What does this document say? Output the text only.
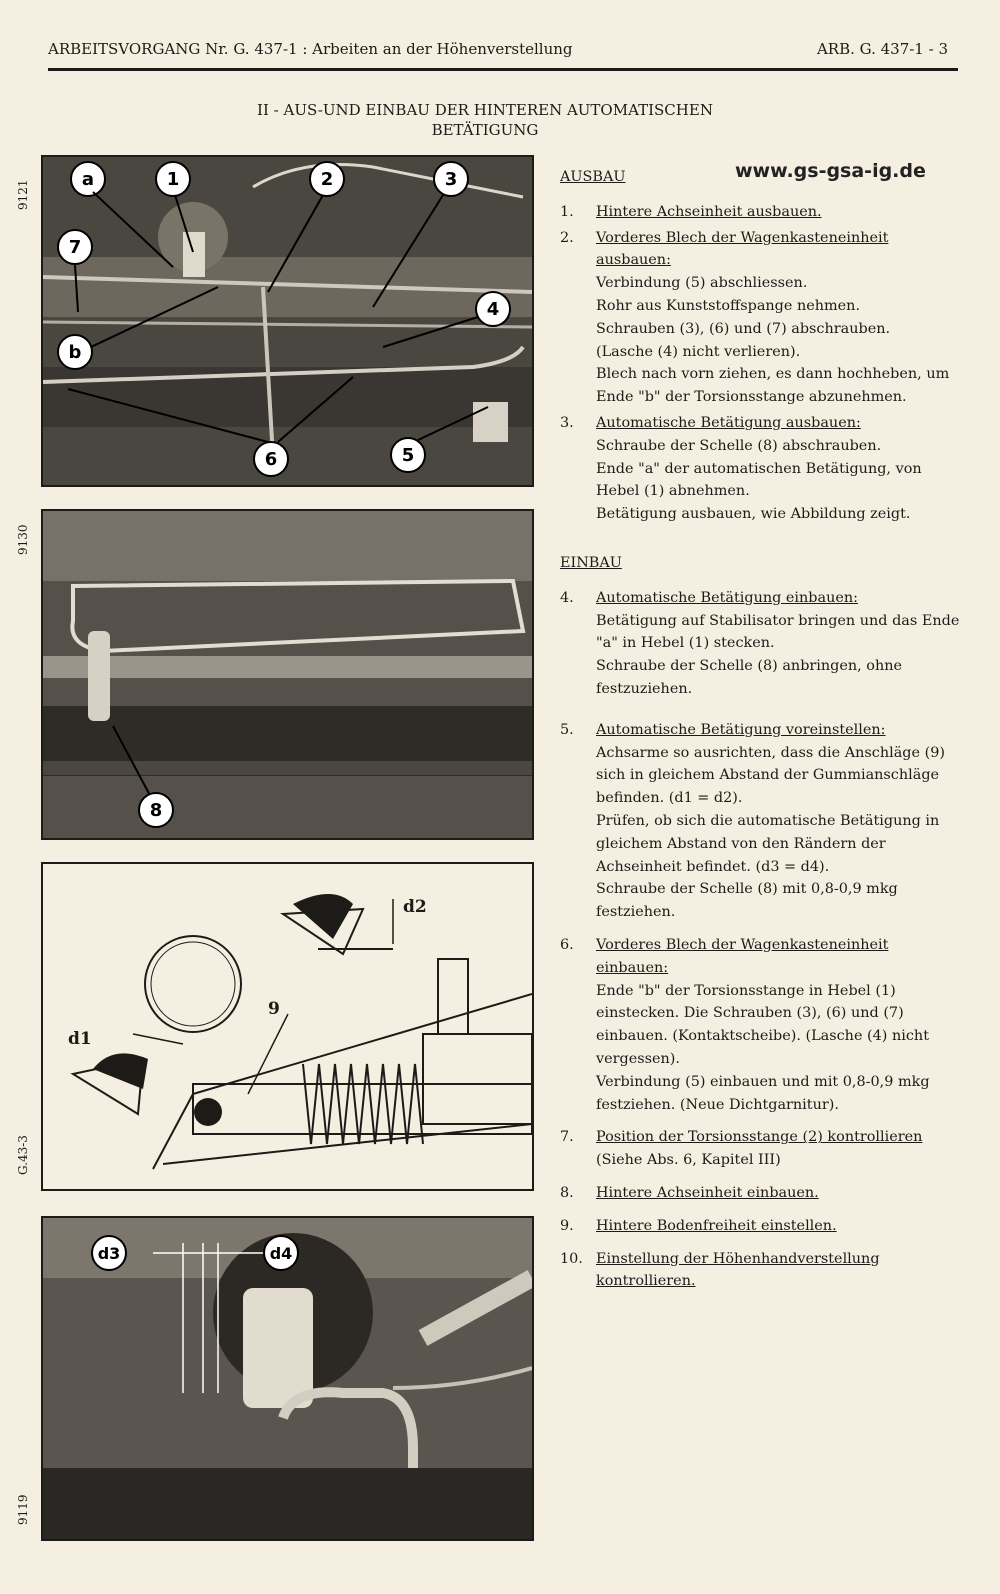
ARBEITSVORGANG Nr. G. 437-1 : Arbeiten an der Höhenverstellung	ARB. G. 437-1 - 3
II - AUS-UND EINBAU DER HINTEREN AUTOMATISCHEN
BETÄTIGUNG
www.gs-gsa-ig.de
9121	a	1	2	3
7
b
4
6	5
9130
8
G.43-3
d2
9
d1
9119
d3	d4
AUSBAU
1. Hintere Achseinheit ausbauen.
2. Vorderes Blech der Wagenkasteneinheit ausbauen:
Verbindung (5) abschliessen.
Rohr aus Kunststoffspange nehmen.
Schrauben (3), (6) und (7) abschrauben.
(Lasche (4) nicht verlieren).
Blech nach vorn ziehen, es dann hochheben, um Ende "b" der Torsionsstange abzunehmen.
3. Automatische Betätigung ausbauen:
Schraube der Schelle (8) abschrauben.
Ende "a" der automatischen Betätigung, von Hebel (1) abnehmen.
Betätigung ausbauen, wie Abbildung zeigt.
EINBAU
4. Automatische Betätigung einbauen:
Betätigung auf Stabilisator bringen und das Ende "a" in Hebel (1) stecken.
Schraube der Schelle (8) anbringen, ohne festzuziehen.
5. Automatische Betätigung voreinstellen:
Achsarme so ausrichten, dass die Anschläge (9) sich in gleichem Abstand der Gummianschläge befinden. (d1 = d2).
Prüfen, ob sich die automatische Betätigung in gleichem Abstand von den Rändern der Achseinheit befindet. (d3 = d4).
Schraube der Schelle (8) mit 0,8-0,9 mkg festziehen.
6. Vorderes Blech der Wagenkasteneinheit einbauen:
Ende "b" der Torsionsstange in Hebel (1) einstecken. Die Schrauben (3), (6) und (7) einbauen. (Kontaktscheibe). (Lasche (4) nicht vergessen).
Verbindung (5) einbauen und mit 0,8-0,9 mkg festziehen. (Neue Dichtgarnitur).
7. Position der Torsionsstange (2) kontrollieren
(Siehe Abs. 6, Kapitel III)
8. Hintere Achseinheit einbauen.
9. Hintere Bodenfreiheit einstellen.
10. Einstellung der Höhenhandverstellung kontrollieren.
